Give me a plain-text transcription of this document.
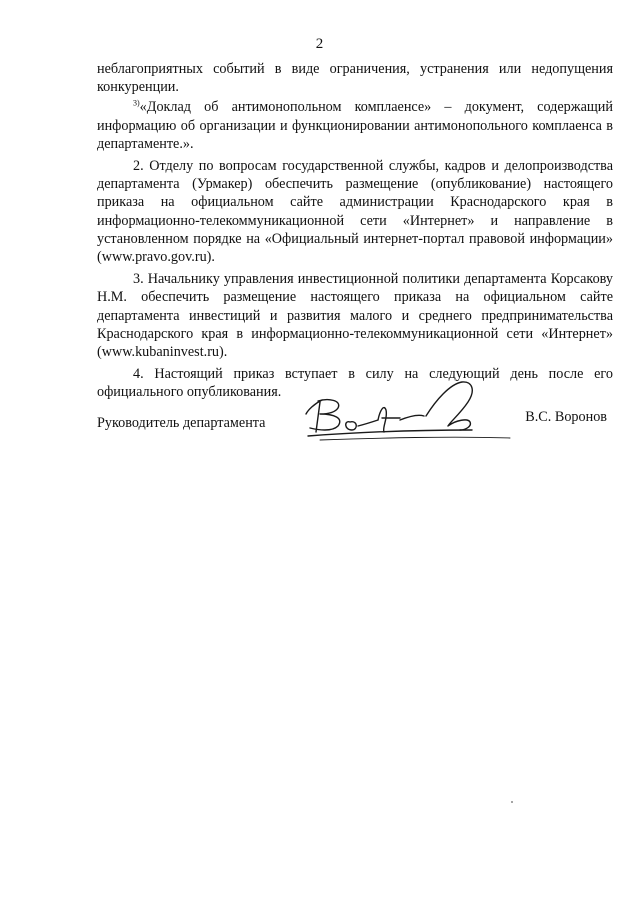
2

неблагоприятных событий в виде ограничения, устранения или недопущения конкуренции.

$^{3)}$«Доклад об антимонопольном комплаенсе» – документ, содержащий информацию об организации и функционировании антимонопольного комплаенса в департаменте.».

2. Отделу по вопросам государственной службы, кадров и делопроизводства департамента (Урмакер) обеспечить размещение (опубликование) настоящего приказа на официальном сайте администрации Краснодарского края в информационно-телекоммуникационной сети «Интернет» и направление в установленном порядке на «Официальный интернет-портал правовой информации» (www.pravo.gov.ru).

3. Начальнику управления инвестиционной политики департамента Корсакову Н.М. обеспечить размещение настоящего приказа на официальном сайте департамента инвестиций и развития малого и среднего предпринимательства Краснодарского края в информационно-телекоммуникационной сети «Интернет» (www.kubaninvest.ru).

4. Настоящий приказ вступает в силу на следующий день после его официального опубликования.

Руководитель департамента	В.С. Воронов
